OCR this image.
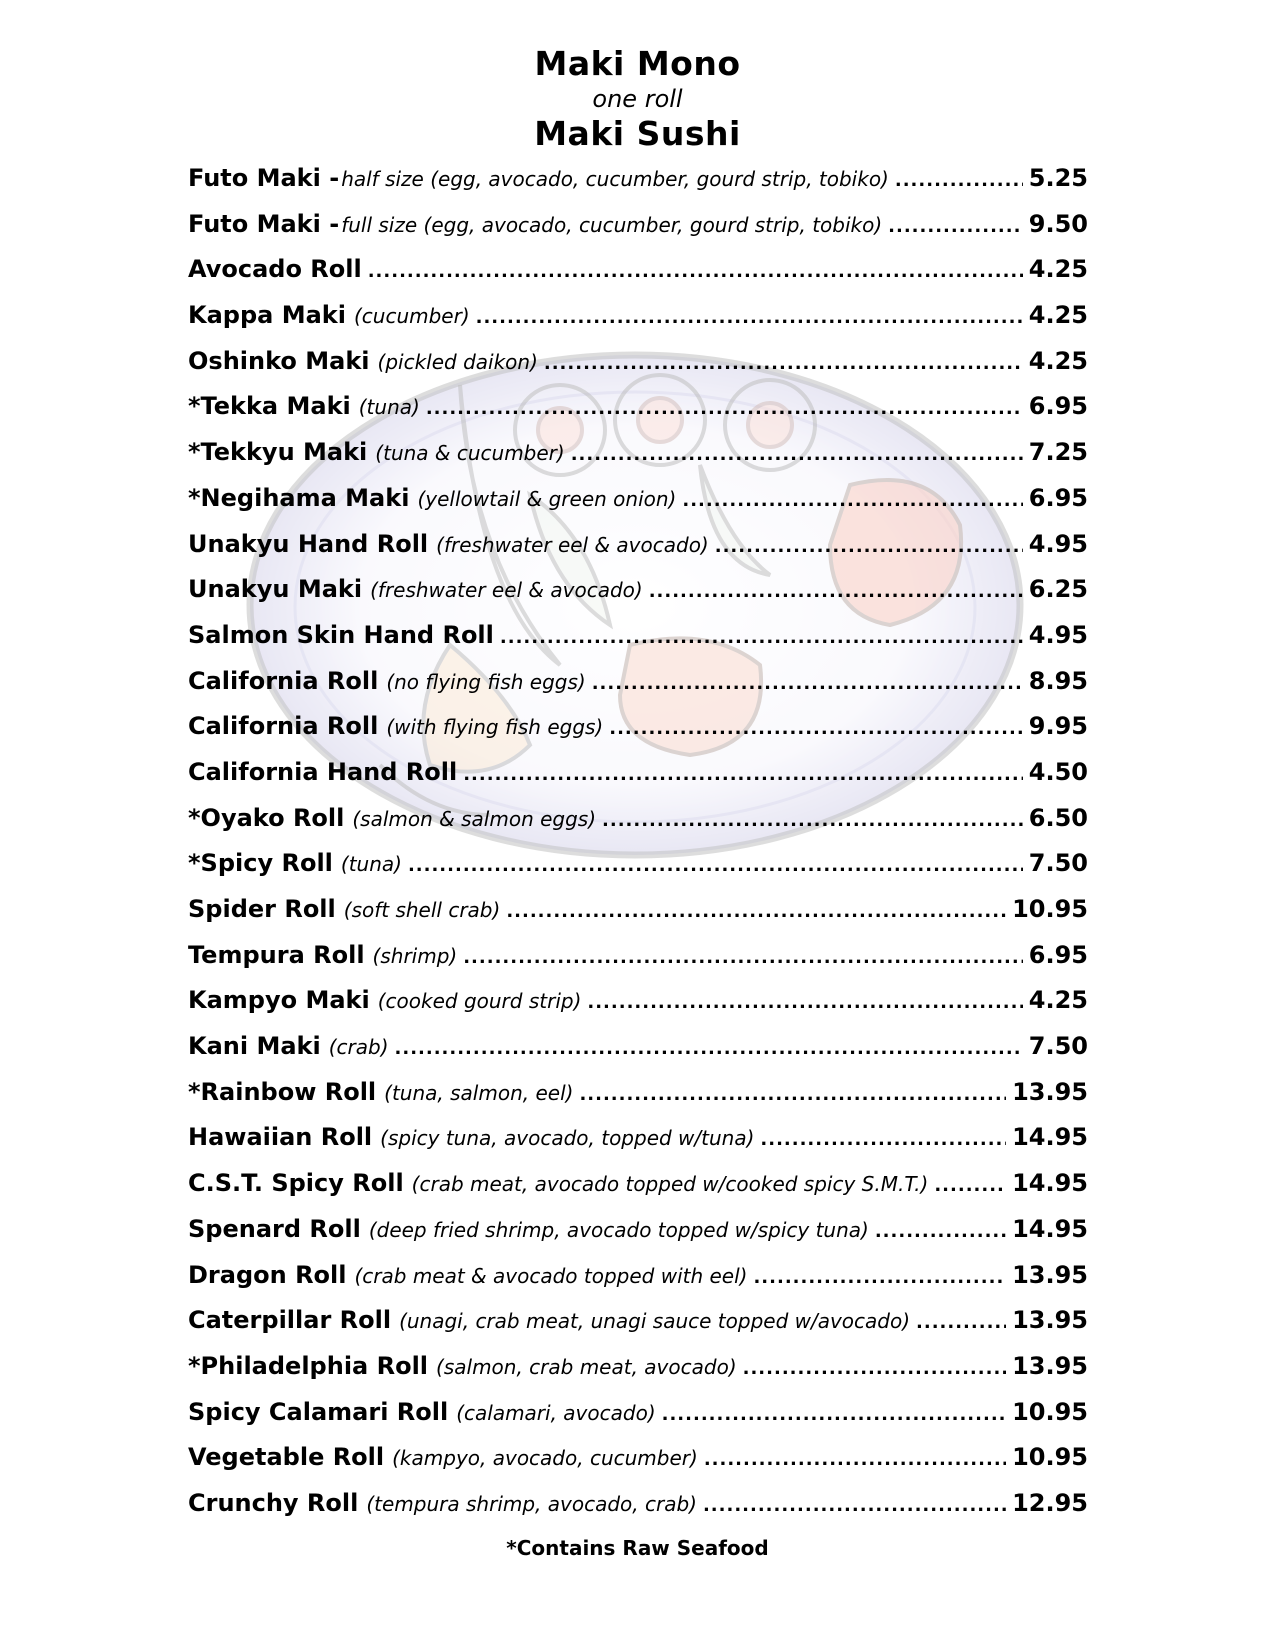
Maki Mono
one roll
Maki Sushi
Futo Maki - half size (egg, avocado, cucumber, gourd strip, tobiko) .....	5.25
Futo Maki - full size (egg, avocado, cucumber, gourd strip, tobiko) .....	9.50
Avocado Roll .....	4.25
Kappa Maki (cucumber) .....	4.25
Oshinko Maki (pickled daikon) .....	4.25
*Tekka Maki (tuna) .....	6.95
*Tekkyu Maki (tuna & cucumber) .....	7.25
*Negihama Maki (yellowtail & green onion) .....	6.95
Unakyu Hand Roll (freshwater eel & avocado) .....	4.95
Unakyu Maki (freshwater eel & avocado) .....	6.25
Salmon Skin Hand Roll .....	4.95
California Roll (no flying fish eggs) .....	8.95
California Roll (with flying fish eggs) .....	9.95
California Hand Roll .....	4.50
*Oyako Roll (salmon & salmon eggs) .....	6.50
*Spicy Roll (tuna) .....	7.50
Spider Roll (soft shell crab) .....	10.95
Tempura Roll (shrimp) .....	6.95
Kampyo Maki (cooked gourd strip) .....	4.25
Kani Maki (crab) .....	7.50
*Rainbow Roll (tuna, salmon, eel) .....	13.95
Hawaiian Roll (spicy tuna, avocado, topped w/tuna) .....	14.95
C.S.T. Spicy Roll (crab meat, avocado topped w/cooked spicy S.M.T.) .....	14.95
Spenard Roll (deep fried shrimp, avocado topped w/spicy tuna) .....	14.95
Dragon Roll (crab meat & avocado topped with eel) .....	13.95
Caterpillar Roll (unagi, crab meat, unagi sauce topped w/avocado) .....	13.95
*Philadelphia Roll (salmon, crab meat, avocado) .....	13.95
Spicy Calamari Roll (calamari, avocado) .....	10.95
Vegetable Roll (kampyo, avocado, cucumber) .....	10.95
Crunchy Roll (tempura shrimp, avocado, crab) .....	12.95
*Contains Raw Seafood
